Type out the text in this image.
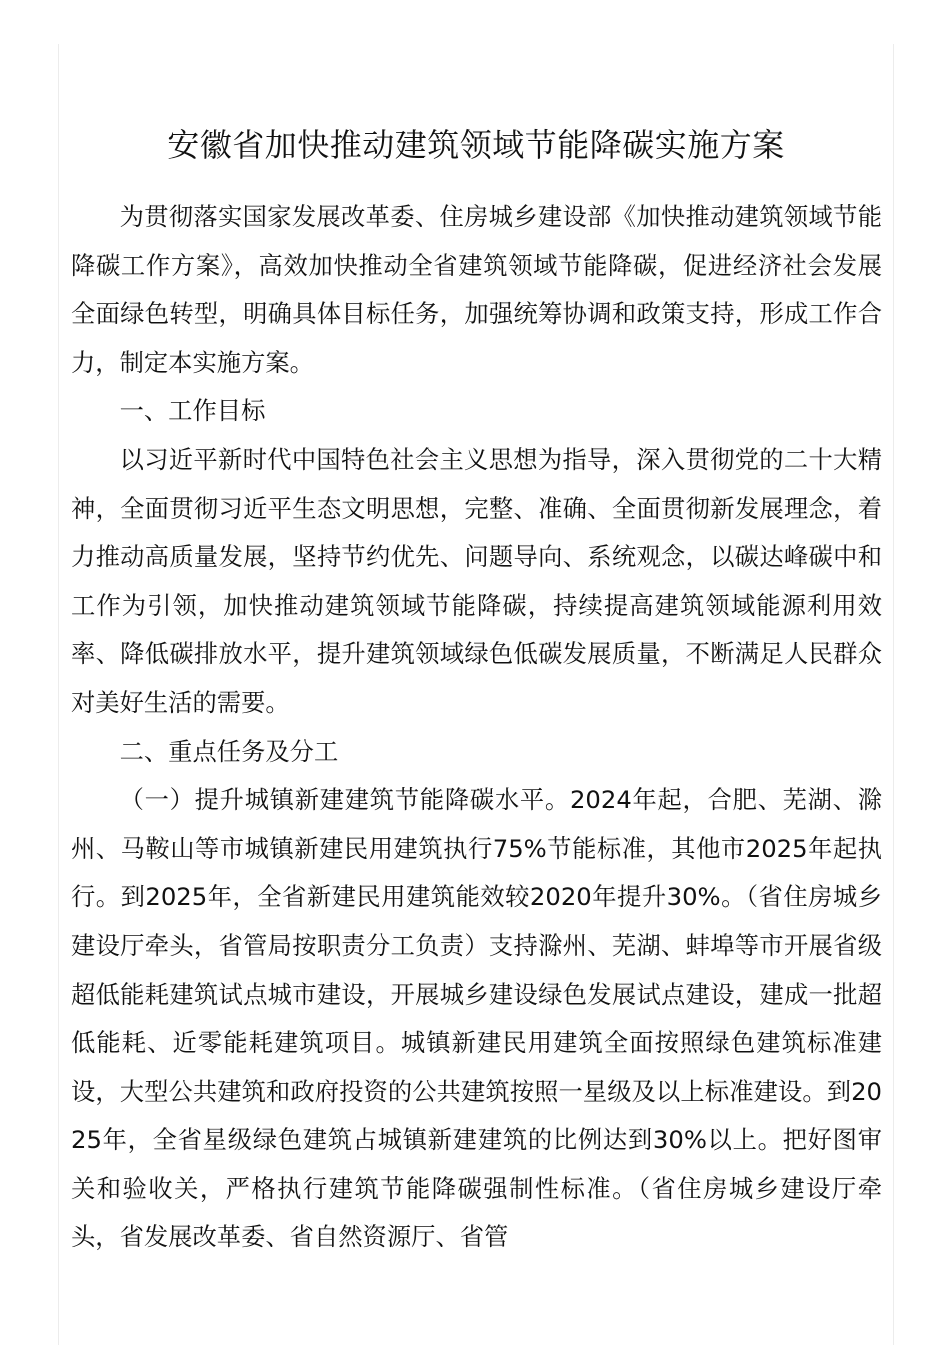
安徽省加快推动建筑领域节能降碳实施方案

为贯彻落实国家发展改革委、住房城乡建设部《加快推动建筑领域节能降碳工作方案》，高效加快推动全省建筑领域节能降碳，促进经济社会发展全面绿色转型，明确具体目标任务，加强统筹协调和政策支持，形成工作合力，制定本实施方案。

一、工作目标

以习近平新时代中国特色社会主义思想为指导，深入贯彻党的二十大精神，全面贯彻习近平生态文明思想，完整、准确、全面贯彻新发展理念，着力推动高质量发展，坚持节约优先、问题导向、系统观念，以碳达峰碳中和工作为引领，加快推动建筑领域节能降碳，持续提高建筑领域能源利用效率、降低碳排放水平，提升建筑领域绿色低碳发展质量，不断满足人民群众对美好生活的需要。

二、重点任务及分工

（一）提升城镇新建建筑节能降碳水平。2024年起，合肥、芜湖、滁州、马鞍山等市城镇新建民用建筑执行75%节能标准，其他市2025年起执行。到2025年，全省新建民用建筑能效较2020年提升30%。（省住房城乡建设厅牵头，省管局按职责分工负责）支持滁州、芜湖、蚌埠等市开展省级超低能耗建筑试点城市建设，开展城乡建设绿色发展试点建设，建成一批超低能耗、近零能耗建筑项目。城镇新建民用建筑全面按照绿色建筑标准建设，大型公共建筑和政府投资的公共建筑按照一星级及以上标准建设。到2025年，全省星级绿色建筑占城镇新建建筑的比例达到30%以上。把好图审关和验收关，严格执行建筑节能降碳强制性标准。（省住房城乡建设厅牵头，省发展改革委、省自然资源厅、省管
